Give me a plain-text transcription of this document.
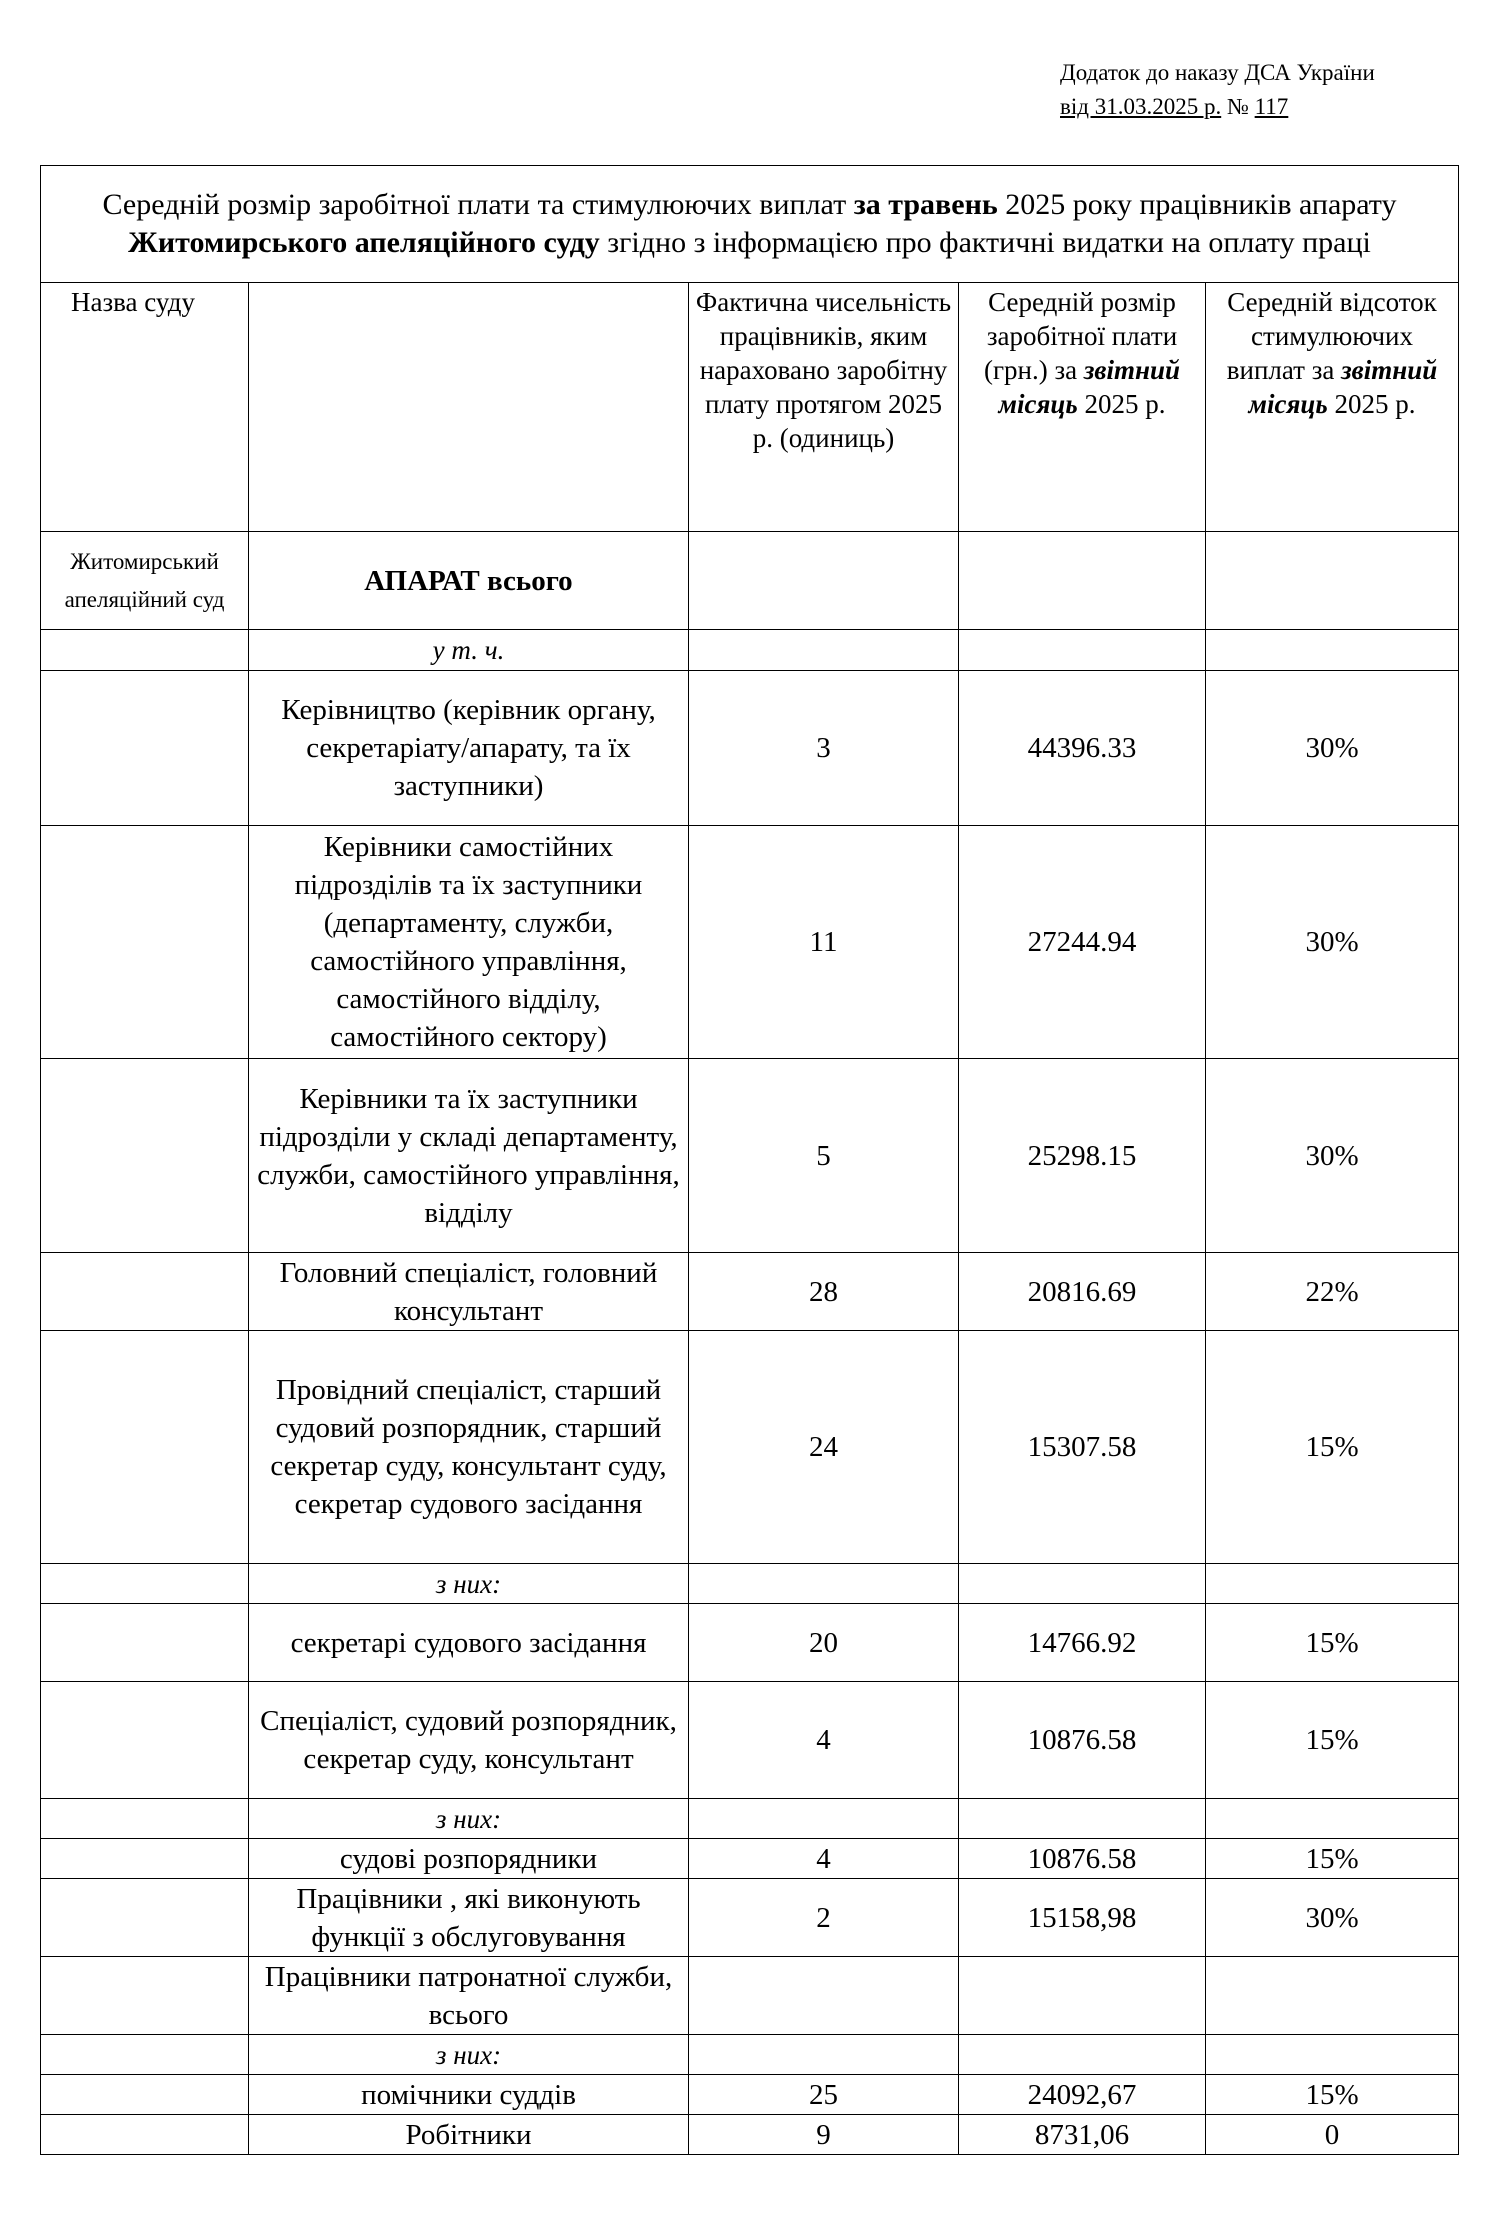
Додаток до наказу ДСА України
від 31.03.2025 р. № 117
Середній розмір заробітної плати та стимулюючих виплат за травень 2025 року працівників апарату Житомирського апеляційного суду згідно з інформацією про фактичні видатки на оплату праці				
Назва суду		Фактична чисельність працівників, яким нараховано заробітну плату протягом 2025 р. (одиниць)	Середній розмір заробітної плати (грн.) за звітний місяць 2025 р.	Середній відсоток стимулюючих виплат за звітний місяць 2025 р.
Житомирський апеляційний суд	АПАРАТ всього			
	у т. ч.			
	Керівництво (керівник органу, секретаріату/апарату, та їх заступники)	3	44396.33	30%
	Керівники самостійних підрозділів та їх заступники (департаменту, служби, самостійного управління, самостійного відділу, самостійного сектору)	11	27244.94	30%
	Керівники та їх заступники підрозділи у складі департаменту, служби, самостійного управління, відділу	5	25298.15	30%
	Головний спеціаліст, головний консультант	28	20816.69	22%
	Провідний спеціаліст, старший судовий розпорядник, старший секретар суду, консультант суду, секретар судового засідання	24	15307.58	15%
	з них:			
	секретарі судового засідання	20	14766.92	15%
	Спеціаліст, судовий розпорядник, секретар суду, консультант	4	10876.58	15%
	з них:			
	судові розпорядники	4	10876.58	15%
	Працівники , які виконують функції з обслуговування	2	15158,98	30%
	Працівники патронатної служби, всього			
	з них:			
	помічники суддів	25	24092,67	15%
	Робітники	9	8731,06	0
